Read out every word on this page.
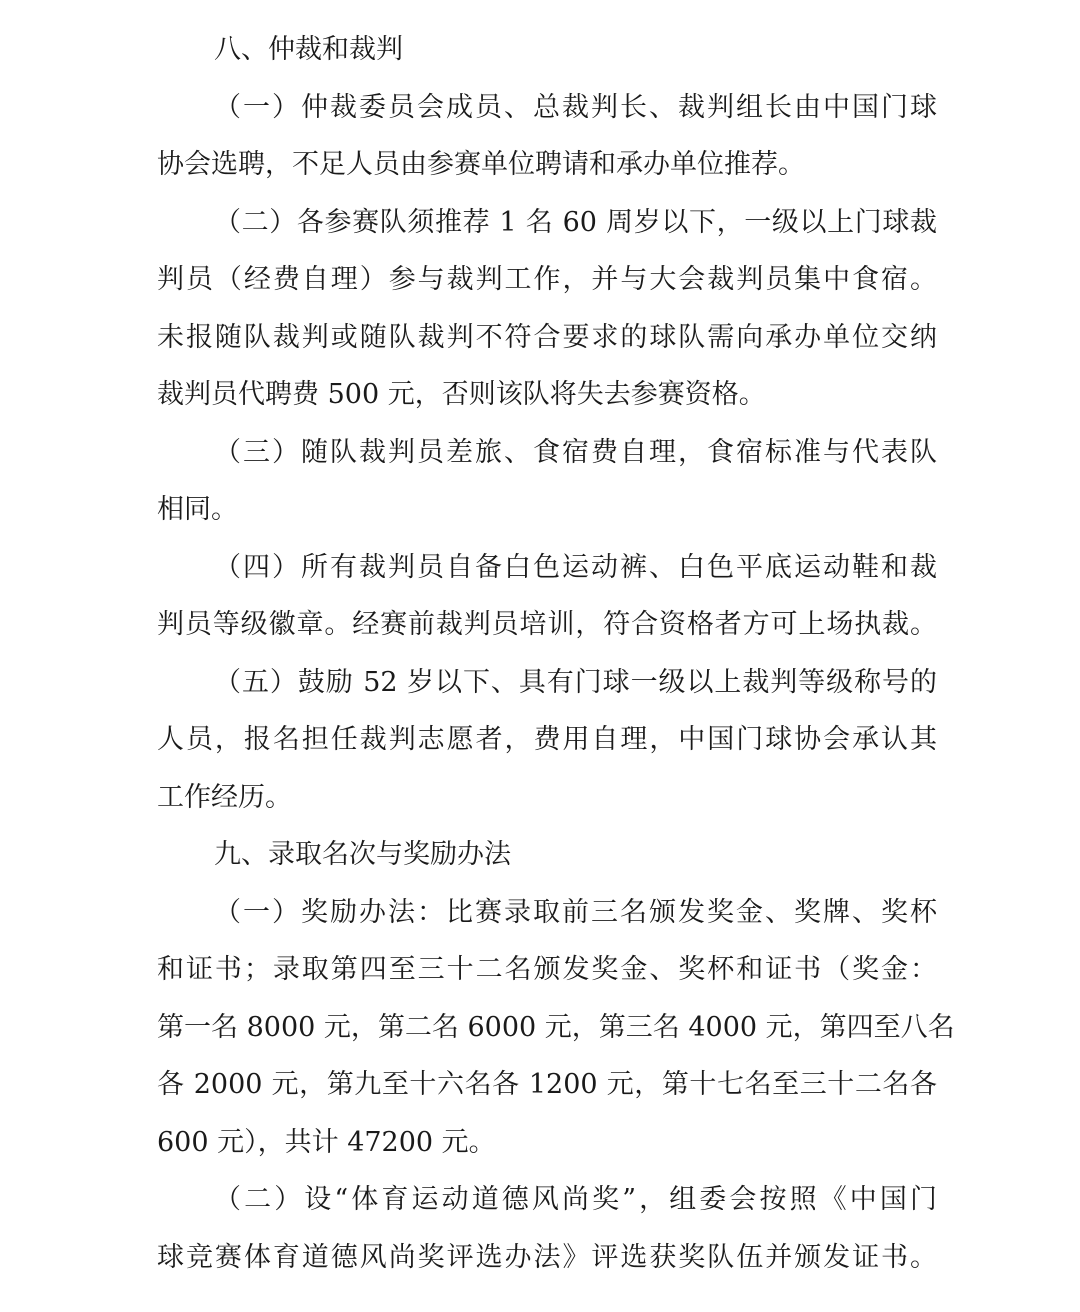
八、仲裁和裁判

（一）仲裁委员会成员、总裁判长、裁判组长由中国门球

协会选聘，不足人员由参赛单位聘请和承办单位推荐。

（二）各参赛队须推荐 1 名 60 周岁以下，一级以上门球裁

判员（经费自理）参与裁判工作，并与大会裁判员集中食宿。

未报随队裁判或随队裁判不符合要求的球队需向承办单位交纳

裁判员代聘费 500 元，否则该队将失去参赛资格。

（三）随队裁判员差旅、食宿费自理，食宿标准与代表队

相同。

（四）所有裁判员自备白色运动裤、白色平底运动鞋和裁

判员等级徽章。经赛前裁判员培训，符合资格者方可上场执裁。

（五）鼓励 52 岁以下、具有门球一级以上裁判等级称号的

人员，报名担任裁判志愿者，费用自理，中国门球协会承认其

工作经历。

九、录取名次与奖励办法

（一）奖励办法：比赛录取前三名颁发奖金、奖牌、奖杯

和证书；录取第四至三十二名颁发奖金、奖杯和证书（奖金：

第一名 8000 元，第二名 6000 元，第三名 4000 元，第四至八名

各 2000 元，第九至十六名各 1200 元，第十七名至三十二名各

600 元），共计 47200 元。

（二）设“体育运动道德风尚奖”，组委会按照《中国门

球竞赛体育道德风尚奖评选办法》评选获奖队伍并颁发证书。
